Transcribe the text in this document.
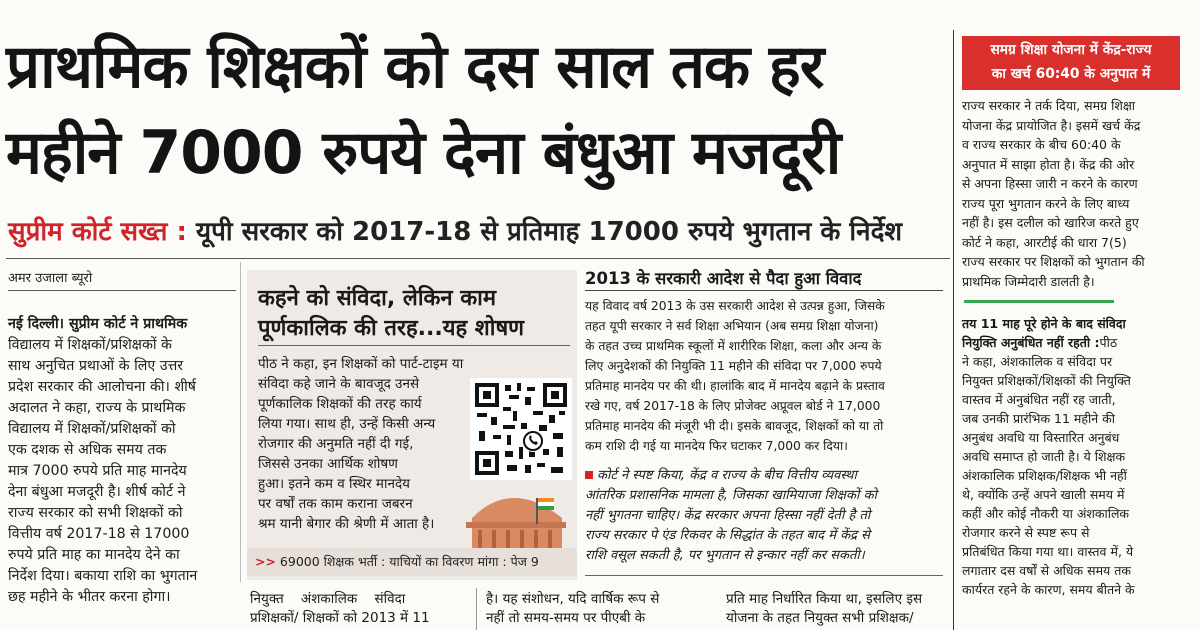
प्राथमिक शिक्षकों को दस साल तक हर
महीने 7000 रुपये देना बंधुआ मजदूरी
सुप्रीम कोर्ट सख्त : यूपी सरकार को 2017-18 से प्रतिमाह 17000 रुपये भुगतान के निर्देश
अमर उजाला ब्यूरो

नई दिल्ली। सुप्रीम कोर्ट ने प्राथमिक

विद्यालय में शिक्षकों/प्रशिक्षकों के

साथ अनुचित प्रथाओं के लिए उत्तर

प्रदेश सरकार की आलोचना की। शीर्ष

अदालत ने कहा, राज्य के प्राथमिक

विद्यालय में शिक्षकों/प्रशिक्षकों को

एक दशक से अधिक समय तक

मात्र 7000 रुपये प्रति माह मानदेय

देना बंधुआ मजदूरी है। शीर्ष कोर्ट ने

राज्य सरकार को सभी शिक्षकों को

वित्तीय वर्ष 2017-18 से 17000

रुपये प्रति माह का मानदेय देने का

निर्देश दिया। बकाया राशि का भुगतान

छह महीने के भीतर करना होगा।

कहने को संविदा, लेकिन काम
पूर्णकालिक की तरह...यह शोषण
पीठ ने कहा, इन शिक्षकों को पार्ट-टाइम या
संविदा कहे जाने के बावजूद उनसे
पूर्णकालिक शिक्षकों की तरह कार्य
लिया गया। साथ ही, उन्हें किसी अन्य
रोजगार की अनुमति नहीं दी गई,
जिससे उनका आर्थिक शोषण
हुआ। इतने कम व स्थिर मानदेय
पर वर्षों तक काम कराना जबरन
श्रम यानी बेगार की श्रेणी में आता है।
>> 69000 शिक्षक भर्ती : याचियों का विवरण मांगा : पेज 9
2013 के सरकारी आदेश से पैदा हुआ विवाद
यह विवाद वर्ष 2013 के उस सरकारी आदेश से उत्पन्न हुआ, जिसके
तहत यूपी सरकार ने सर्व शिक्षा अभियान (अब समग्र शिक्षा योजना)
के तहत उच्च प्राथमिक स्कूलों में शारीरिक शिक्षा, कला और अन्य के
लिए अनुदेशकों की नियुक्ति 11 महीने की संविदा पर 7,000 रुपये
प्रतिमाह मानदेय पर की थी। हालांकि बाद में मानदेय बढ़ाने के प्रस्ताव
रखे गए, वर्ष 2017-18 के लिए प्रोजेक्ट अप्रूवल बोर्ड ने 17,000
प्रतिमाह मानदेय की मंजूरी भी दी। इसके बावजूद, शिक्षकों को या तो
कम राशि दी गई या मानदेय फिर घटाकर 7,000 कर दिया।
कोर्ट ने स्पष्ट किया, केंद्र व राज्य के बीच वित्तीय व्यवस्था
आंतरिक प्रशासनिक मामला है, जिसका खामियाजा शिक्षकों को
नहीं भुगतना चाहिए। केंद्र सरकार अपना हिस्सा नहीं देती है तो
राज्य सरकार पे एंड रिकवर के सिद्धांत के तहत बाद में केंद्र से
राशि वसूल सकती है, पर भुगतान से इन्कार नहीं कर सकती।
समग्र शिक्षा योजना में केंद्र-राज्य
का खर्च 60:40 के अनुपात में
राज्य सरकार ने तर्क दिया, समग्र शिक्षा
योजना केंद्र प्रायोजित है। इसमें खर्च केंद्र
व राज्य सरकार के बीच 60:40 के
अनुपात में साझा होता है। केंद्र की ओर
से अपना हिस्सा जारी न करने के कारण
राज्य पूरा भुगतान करने के लिए बाध्य
नहीं है। इस दलील को खारिज करते हुए
कोर्ट ने कहा, आरटीई की धारा 7(5)
राज्य सरकार पर शिक्षकों को भुगतान की
प्राथमिक जिम्मेदारी डालती है।
तय 11 माह पूरे होने के बाद संविदा
नियुक्ति अनुबंधित नहीं रहती :पीठ
ने कहा, अंशकालिक व संविदा पर
नियुक्त प्रशिक्षकों/शिक्षकों की नियुक्ति
वास्तव में अनुबंधित नहीं रह जाती,
जब उनकी प्रारंभिक 11 महीने की
अनुबंध अवधि या विस्तारित अनुबंध
अवधि समाप्त हो जाती है। ये शिक्षक
अंशकालिक प्रशिक्षक/शिक्षक भी नहीं
थे, क्योंकि उन्हें अपने खाली समय में
कहीं और कोई नौकरी या अंशकालिक
रोजगार करने से स्पष्ट रूप से
प्रतिबंधित किया गया था। वास्तव में, ये
लगातार दस वर्षों से अधिक समय तक
कार्यरत रहने के कारण, समय बीतने के
नियुक्त    अंशकालिक    संविदा
प्रशिक्षकों/ शिक्षकों को 2013 में 11
है। यह संशोधन, यदि वार्षिक रूप से
नहीं तो समय-समय पर पीएबी के
प्रति माह निर्धारित किया था, इसलिए इस
योजना के तहत नियुक्त सभी प्रशिक्षक/
